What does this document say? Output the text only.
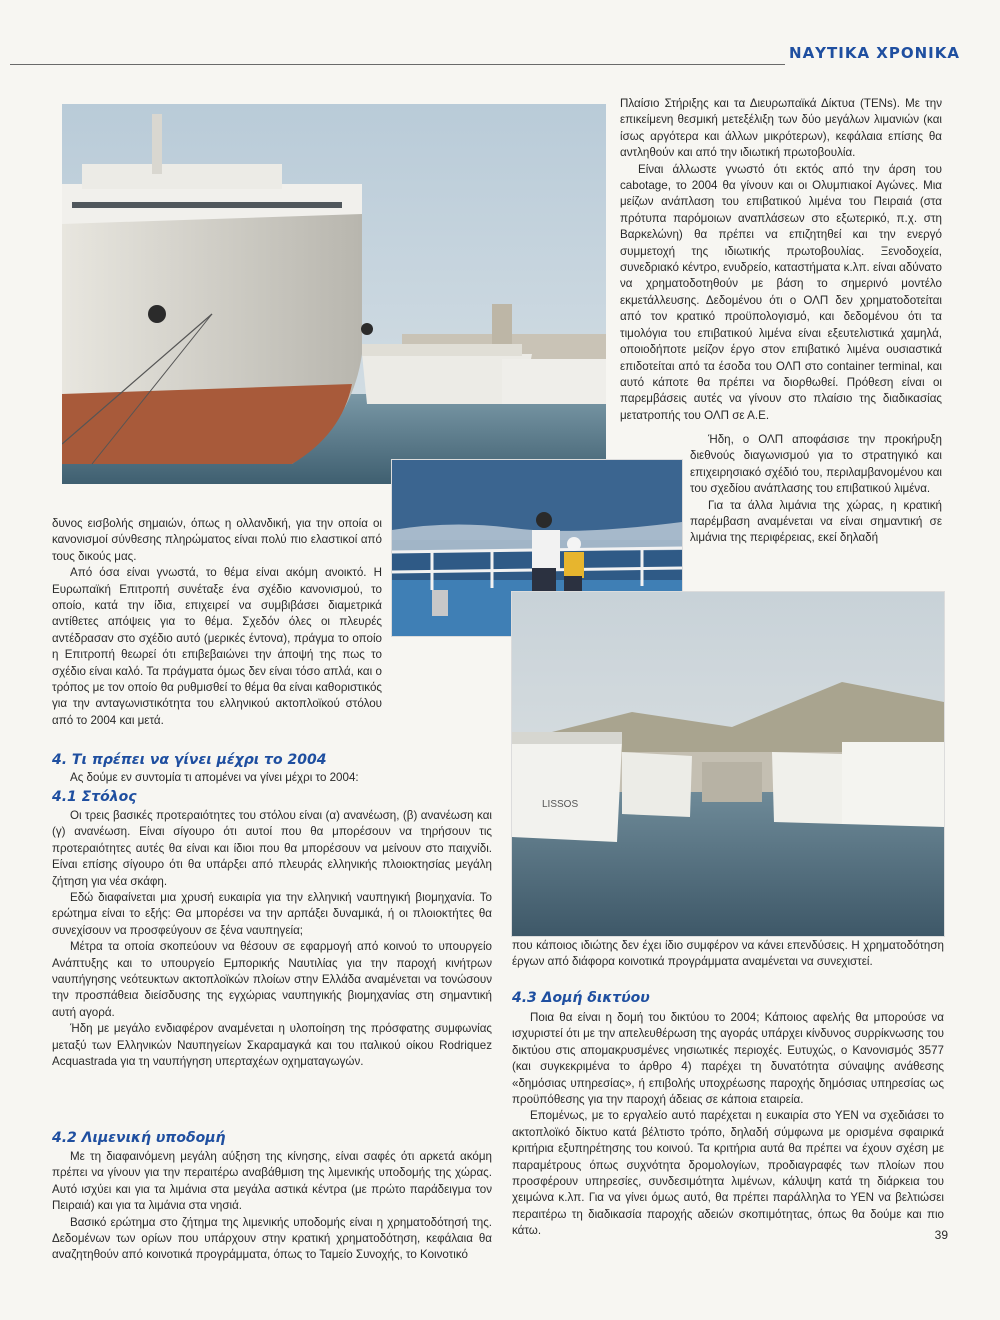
ΝΑΥΤΙΚΑ ΧΡΟΝΙΚΑ

Πλαίσιο Στήριξης και τα Διευρωπαϊκά Δίκτυα (TENs). Με την επικείμενη θεσμική μετεξέλιξη των δύο μεγάλων λιμανιών (και ίσως αργότερα και άλλων μικρότερων), κεφάλαια επίσης θα αντληθούν και από την ιδιωτική πρωτοβουλία.

Είναι άλλωστε γνωστό ότι εκτός από την άρση του cabotage, το 2004 θα γίνουν και οι Ολυμπιακοί Αγώνες. Μια μείζων ανάπλαση του επιβατικού λιμένα του Πειραιά (στα πρότυπα παρόμοιων αναπλάσεων στο εξωτερικό, π.χ. στη Βαρκελώνη) θα πρέπει να επιζητηθεί και την ενεργό συμμετοχή της ιδιωτικής πρωτοβουλίας. Ξενοδοχεία, συνεδριακό κέντρο, ενυδρείο, καταστήματα κ.λπ. είναι αδύνατο να χρηματοδοτηθούν με βάση το σημερινό μοντέλο εκμετάλλευσης. Δεδομένου ότι ο ΟΛΠ δεν χρηματοδοτείται από τον κρατικό προϋπολογισμό, και δεδομένου ότι τα τιμολόγια του επιβατικού λιμένα είναι εξευτελιστικά χαμηλά, οποιοδήποτε μείζον έργο στον επιβατικό λιμένα ουσιαστικά επιδοτείται από τα έσοδα του ΟΛΠ στο container terminal, και αυτό κάποτε θα πρέπει να διορθωθεί. Πρόθεση είναι οι παρεμβάσεις αυτές να γίνουν στο πλαίσιο της διαδικασίας μετατροπής του ΟΛΠ σε Α.Ε.

Ήδη, ο ΟΛΠ αποφάσισε την προκήρυξη διεθνούς διαγωνισμού για το στρατηγικό και επιχειρησιακό σχέδιό του, περιλαμβανομένου και του σχεδίου ανάπλασης του επιβατικού λιμένα.

Για τα άλλα λιμάνια της χώρας, η κρατική παρέμβαση αναμένεται να είναι σημαντική σε λιμάνια της περιφέρειας, εκεί δηλαδή

δυνος εισβολής σημαιών, όπως η ολλανδική, για την οποία οι κανονισμοί σύνθεσης πληρώματος είναι πολύ πιο ελαστικοί από τους δικούς μας.

Από όσα είναι γνωστά, το θέμα είναι ακόμη ανοικτό. Η Ευρωπαϊκή Επιτροπή συνέταξε ένα σχέδιο κανονισμού, το οποίο, κατά την ίδια, επιχειρεί να συμβιβάσει διαμετρικά αντίθετες απόψεις για το θέμα. Σχεδόν όλες οι πλευρές αντέδρασαν στο σχέδιο αυτό (μερικές έντονα), πράγμα το οποίο η Επιτροπή θεωρεί ότι επιβεβαιώνει την άποψή της πως το σχέδιο είναι καλό. Τα πράγματα όμως δεν είναι τόσο απλά, και ο τρόπος με τον οποίο θα ρυθμισθεί το θέμα θα είναι καθοριστικός για την ανταγωνιστικότητα του ελληνικού ακτοπλοϊκού στόλου από το 2004 και μετά.

LISSOS
4. Τι πρέπει να γίνει μέχρι το 2004

Ας δούμε εν συντομία τι απομένει να γίνει μέχρι το 2004:

4.1 Στόλος

Οι τρεις βασικές προτεραιότητες του στόλου είναι (α) ανανέωση, (β) ανανέωση και (γ) ανανέωση. Είναι σίγουρο ότι αυτοί που θα μπορέσουν να τηρήσουν τις προτεραιότητες αυτές θα είναι και ίδιοι που θα μπορέσουν να μείνουν στο παιχνίδι. Είναι επίσης σίγουρο ότι θα υπάρξει από πλευράς ελληνικής πλοιοκτησίας μεγάλη ζήτηση για νέα σκάφη.

Εδώ διαφαίνεται μια χρυσή ευκαιρία για την ελληνική ναυπηγική βιομηχανία. Το ερώτημα είναι το εξής: Θα μπορέσει να την αρπάξει δυναμικά, ή οι πλοιοκτήτες θα συνεχίσουν να προσφεύγουν σε ξένα ναυπηγεία;

Μέτρα τα οποία σκοπεύουν να θέσουν σε εφαρμογή από κοινού το υπουργείο Ανάπτυξης και το υπουργείο Εμπορικής Ναυτιλίας για την παροχή κινήτρων ναυπήγησης νεότευκτων ακτοπλοϊκών πλοίων στην Ελλάδα αναμένεται να τονώσουν την προσπάθεια διείσδυσης της εγχώριας ναυπηγικής βιομηχανίας στη σημαντική αυτή αγορά.

Ήδη με μεγάλο ενδιαφέρον αναμένεται η υλοποίηση της πρόσφατης συμφωνίας μεταξύ των Ελληνικών Ναυπηγείων Σκαραμαγκά και του ιταλικού οίκου Rodriquez Acquastrada για τη ναυπήγηση υπερταχέων οχηματαγωγών.

4.2 Λιμενική υποδομή

Με τη διαφαινόμενη μεγάλη αύξηση της κίνησης, είναι σαφές ότι αρκετά ακόμη πρέπει να γίνουν για την περαιτέρω αναβάθμιση της λιμενικής υποδομής της χώρας. Αυτό ισχύει και για τα λιμάνια στα μεγάλα αστικά κέντρα (με πρώτο παράδειγμα τον Πειραιά) και για τα λιμάνια στα νησιά.

Βασικό ερώτημα στο ζήτημα της λιμενικής υποδομής είναι η χρηματοδότησή της. Δεδομένων των ορίων που υπάρχουν στην κρατική χρηματοδότηση, κεφάλαια θα αναζητηθούν από κοινοτικά προγράμματα, όπως το Ταμείο Συνοχής, το Κοινοτικό

που κάποιος ιδιώτης δεν έχει ίδιο συμφέρον να κάνει επενδύσεις. Η χρηματοδότηση έργων από διάφορα κοινοτικά προγράμματα αναμένεται να συνεχιστεί.

4.3 Δομή δικτύου

Ποια θα είναι η δομή του δικτύου το 2004; Κάποιος αφελής θα μπορούσε να ισχυριστεί ότι με την απελευθέρωση της αγοράς υπάρχει κίνδυνος συρρίκνωσης του δικτύου στις απομακρυσμένες νησιωτικές περιοχές. Ευτυχώς, ο Κανονισμός 3577 (και συγκεκριμένα το άρθρο 4) παρέχει τη δυνατότητα σύναψης ανάθεσης «δημόσιας υπηρεσίας», ή επιβολής υποχρέωσης παροχής δημόσιας υπηρεσίας ως προϋπόθεσης για την παροχή άδειας σε κάποια εταιρεία.

Επομένως, με το εργαλείο αυτό παρέχεται η ευκαιρία στο ΥΕΝ να σχεδιάσει το ακτοπλοϊκό δίκτυο κατά βέλτιστο τρόπο, δηλαδή σύμφωνα με ορισμένα σφαιρικά κριτήρια εξυπηρέτησης του κοινού. Τα κριτήρια αυτά θα πρέπει να έχουν σχέση με παραμέτρους όπως συχνότητα δρομολογίων, προδιαγραφές των πλοίων που προσφέρουν υπηρεσίες, συνδεσιμότητα λιμένων, κάλυψη κατά τη διάρκεια του χειμώνα κ.λπ. Για να γίνει όμως αυτό, θα πρέπει παράλληλα το ΥΕΝ να βελτιώσει περαιτέρω τη διαδικασία παροχής αδειών σκοπιμότητας, όπως θα δούμε και πιο κάτω.	39
